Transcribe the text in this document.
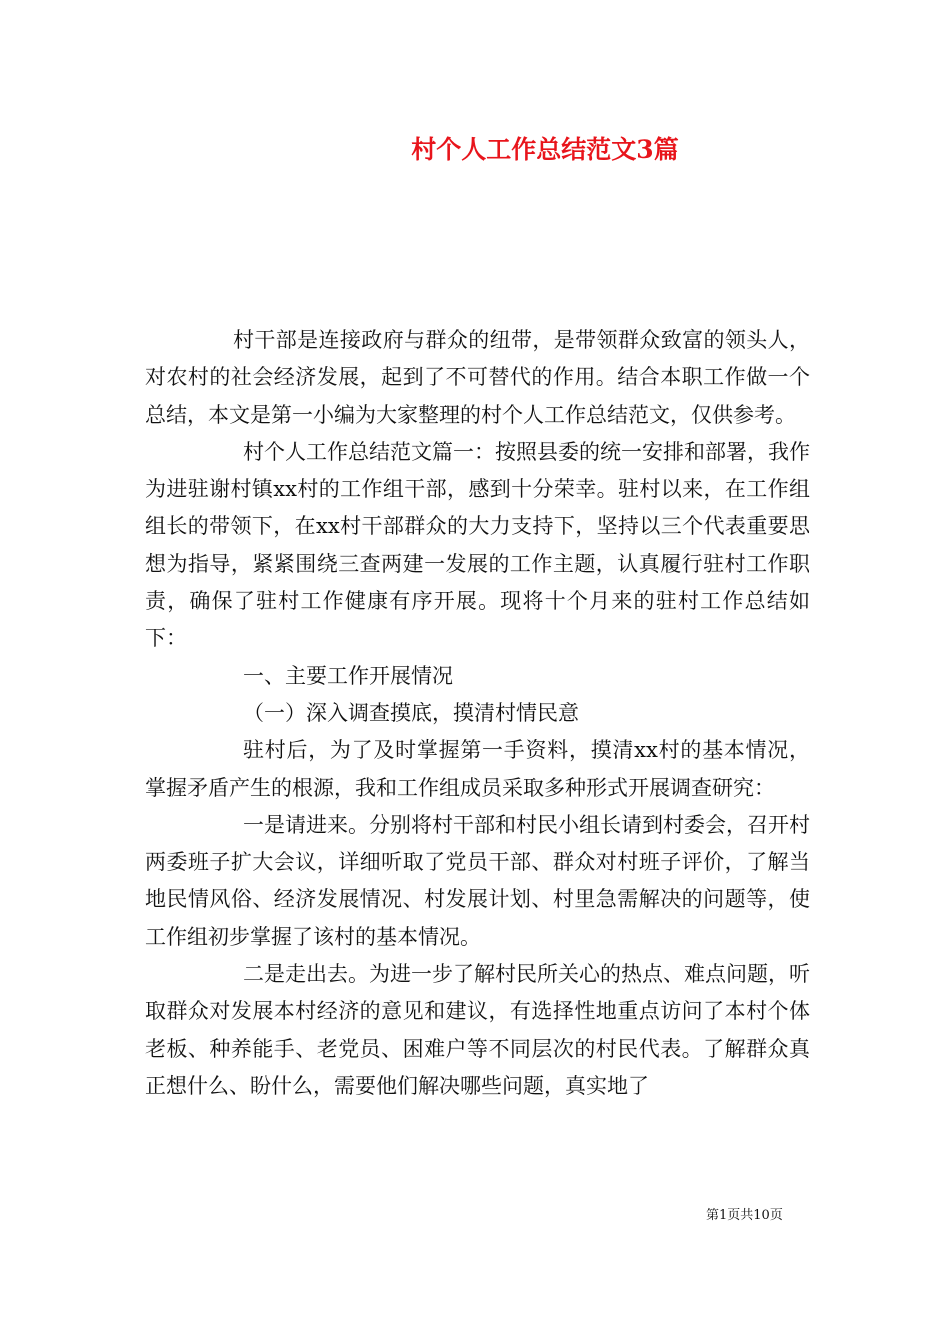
村个人工作总结范文3篇

村干部是连接政府与群众的纽带，是带领群众致富的领头人，对农村的社会经济发展，起到了不可替代的作用。结合本职工作做一个总结，本文是第一小编为大家整理的村个人工作总结范文，仅供参考。

村个人工作总结范文篇一：按照县委的统一安排和部署，我作为进驻谢村镇xx村的工作组干部，感到十分荣幸。驻村以来，在工作组组长的带领下，在xx村干部群众的大力支持下，坚持以三个代表重要思想为指导，紧紧围绕三查两建一发展的工作主题，认真履行驻村工作职责，确保了驻村工作健康有序开展。现将十个月来的驻村工作总结如下：

一、主要工作开展情况

（一）深入调查摸底，摸清村情民意

驻村后，为了及时掌握第一手资料，摸清xx村的基本情况，掌握矛盾产生的根源，我和工作组成员采取多种形式开展调查研究：

一是请进来。分别将村干部和村民小组长请到村委会，召开村两委班子扩大会议，详细听取了党员干部、群众对村班子评价，了解当地民情风俗、经济发展情况、村发展计划、村里急需解决的问题等，使工作组初步掌握了该村的基本情况。

二是走出去。为进一步了解村民所关心的热点、难点问题，听取群众对发展本村经济的意见和建议，有选择性地重点访问了本村个体老板、种养能手、老党员、困难户等不同层次的村民代表。了解群众真正想什么、盼什么，需要他们解决哪些问题，真实地了

第1页共10页
